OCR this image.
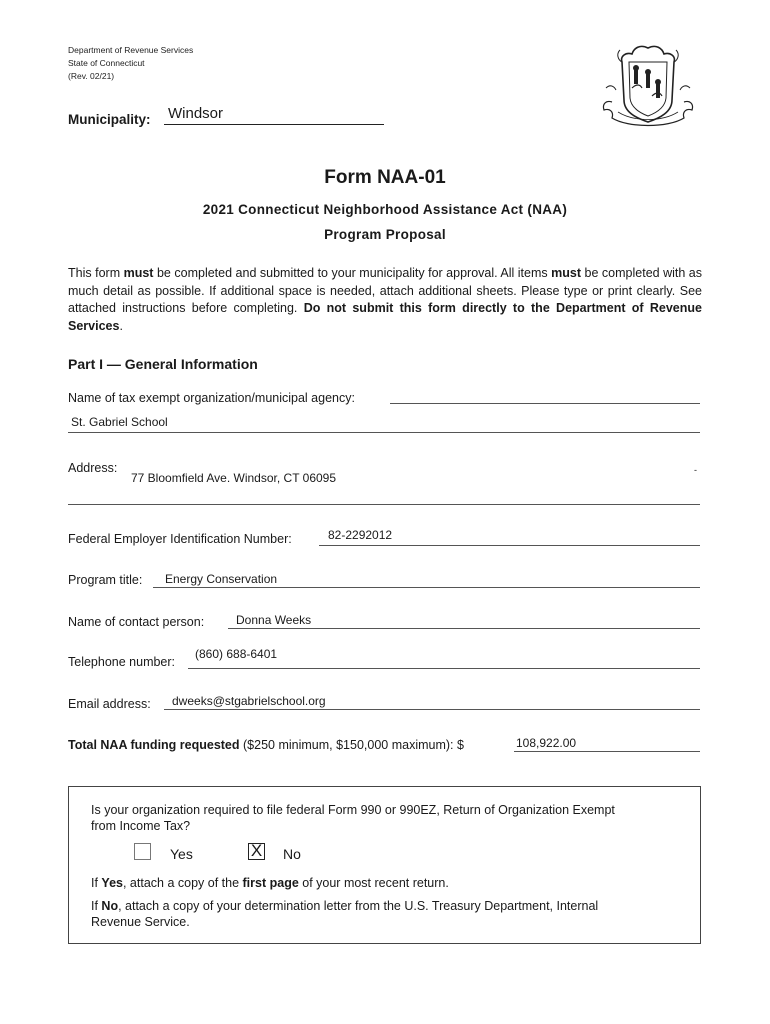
Department of Revenue Services
State of Connecticut
(Rev. 02/21)
Municipality: Windsor
Form NAA-01
2021 Connecticut Neighborhood Assistance Act (NAA)
Program Proposal
This form must be completed and submitted to your municipality for approval. All items must be completed with as much detail as possible. If additional space is needed, attach additional sheets. Please type or print clearly. See attached instructions before completing. Do not submit this form directly to the Department of Revenue Services.
Part I — General Information
Name of tax exempt organization/municipal agency:
St. Gabriel School
Address:
77 Bloomfield Ave. Windsor, CT 06095
-
Federal Employer Identification Number:	82-2292012
Program title: Energy Conservation
Name of contact person:	Donna Weeks
Telephone number:
(860) 688-6401
Email address: dweeks@stgabrielschool.org
Total NAA funding requested ($250 minimum, $150,000 maximum): $	108,922.00
Is your organization required to file federal Form 990 or 990EZ, Return of Organization Exempt
from Income Tax?
Yes	X No
If Yes, attach a copy of the first page of your most recent return.
If No, attach a copy of your determination letter from the U.S. Treasury Department, Internal
Revenue Service.
